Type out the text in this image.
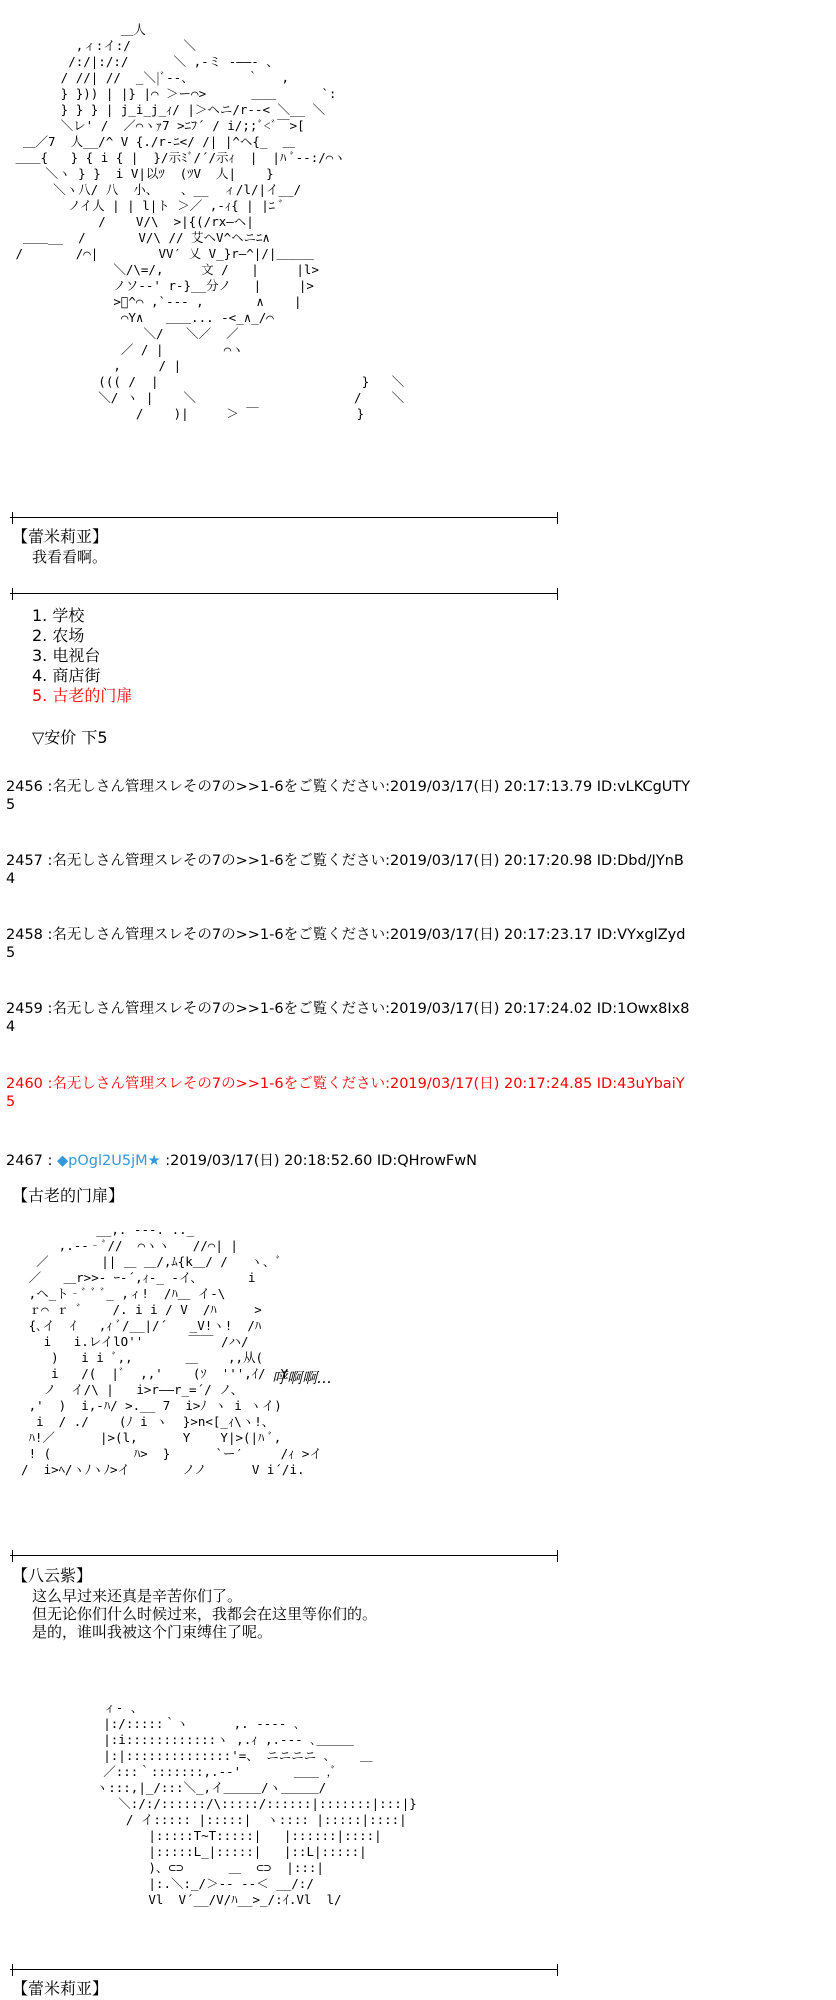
＿人
,ィ:イ:/       ＼
/:/|:/:/      ＼ ,-ミ ‐――- 、
/ //| //  _＼|ﾞ‐-、       ｀   ,
} })) | |} |⌒ ＞ー⌒>      ＿＿      `:
} } } | j_i_j_ｨ/ |＞ヘニ/r--< ＼__ ＼
＼レ' /  ／⌒ヽｧ7 >ﾆﾌ´ / i/;;ﾞ<ﾞ￣>[
＿／7  人__/^ V {./r-ﾆ</ /| |^ヘ{_  ＿
＿＿{   } { i { |  }/示ﾐﾞ/´/示ｨ  |  |ﾊ ﾞ‐-:/⌒ヽ
＼ヽ } }  i V|以ﾂ  (ﾂV  人|    }
＼ヽ八/ 八  小、   、__  ィ/l/|イ__/
ノイ人 | | l|ト ＞／ ,-ｨ{ | |ﾆ ﾞ
/    V/\  >|{(/rx―ヘ|
＿＿__  /       V/\ // 艾ヘV^ヘニﾆ∧
/       /⌒|        VV′ 乂 V_}r―^|/|＿＿＿
＼/\=/,     文 /   |     |l>
ノソ--' r-}__分ノ   |     |>
>ﾞ^⌒ ,`‐‐- ,       ∧    |
⌒Y∧   ＿＿... ‐<_∧_/⌒
＼/   ＼／  ／
／ / |        ⌒ヽ
,     / |
((( /  |                           }   ＼
＼/ ヽ |    ＼                     /    ＼
/    )|     ＞ ￣             }
【蕾米莉亚】
我看看啊。
1. 学校
2. 农场
3. 电视台
4. 商店街
5. 古老的门扉
▽安价 下5
2456 :名无しさん管理スレその7の>>1-6をご覧ください:2019/03/17(日) 20:17:13.79 ID:vLKCgUTY
5
2457 :名无しさん管理スレその7の>>1-6をご覧ください:2019/03/17(日) 20:17:20.98 ID:Dbd/JYnB
4
2458 :名无しさん管理スレその7の>>1-6をご覧ください:2019/03/17(日) 20:17:23.17 ID:VYxglZyd
5
2459 :名无しさん管理スレその7の>>1-6をご覧ください:2019/03/17(日) 20:17:24.02 ID:1Owx8Ix8
4
2460 :名无しさん管理スレその7の>>1-6をご覧ください:2019/03/17(日) 20:17:24.85 ID:43uYbaiY
5
2467 : ◆pOgl2U5jM★ :2019/03/17(日) 20:18:52.60 ID:QHrowFwN
【古老的门扉】
__,. ‐‐‐. .._
,.-‐‐ﾞ//  ⌒ヽヽ   //⌒| |
／       || ＿ ＿/,ﾑ{k＿/ /   ヽ、ﾞ
／   ＿r>>‐ ｰ-´,ｨ-_ -イ、      i
,ヘ_ト‐ﾞ ﾞ ﾞ_ ,ィ!  /ﾊ＿ イ-\
ｒ⌒ ｒ ﾞ    /. i i / V  /ﾊ     >
{､イ  ｲ   ,ｨ ﾞ/__|/´   _V!ヽ!  /ﾊ
i   i.レイlO''      ￣￣ /ハ/
)   i i ﾞ,,       ＿    ,,从(
i   /(  |ﾞ  ,,'    (ｿ  ''',ｲ/  Y
ノ  イ/\ |   i>r――r_=´/ ノ、
,'  )  i,-ﾊ/ >.__ 7  i>ﾉ ヽ i ヽイ)
i  / ./    (ﾉ i ヽ  }>n<[_ｨ\ヽ!、
ﾊ!／      |>(l,      Y    Y|>(|ﾊ ﾞ,
! (           ﾊ>  }      `ー′     /ｨ >イ
/  i>ﾍ/ヽﾉヽﾉ>イ       ノノ      V i´/i.
呼啊啊…
【八云紫】
这么早过来还真是辛苦你们了。
但无论你们什么时候过来，我都会在这里等你们的。
是的，谁叫我被这个门束缚住了呢。
ィ‐ 、
|:/:::::｀ヽ      ,. -‐‐‐ ､
|:i::::::::::::ヽ ,.ｨ ,.-‐‐ ､＿＿＿
|:|::::::::::::::'=、 ニニニニ ､    ＿
／:::｀:::::::,.-‐'       ＿＿ ,ﾞ
ヽ:::,|_/:::＼_,イ＿＿＿/ヽ＿＿＿/
＼:/:/::::::/\:::::/::::::|:::::::|:::|}
/ イ::::: |:::::|  ヽ:::: |:::::|::::|
|:::::T~T:::::|   |::::::|::::|
|:::::L_|:::::|   |::L|:::::|
)、⊂⊃      ＿  ⊂⊃  |:::|
|:.＼:_/＞-- --＜ __/:/
Vl  V´__/V/ﾊ__>_/:ｲ.Vl  l/
【蕾米莉亚】
